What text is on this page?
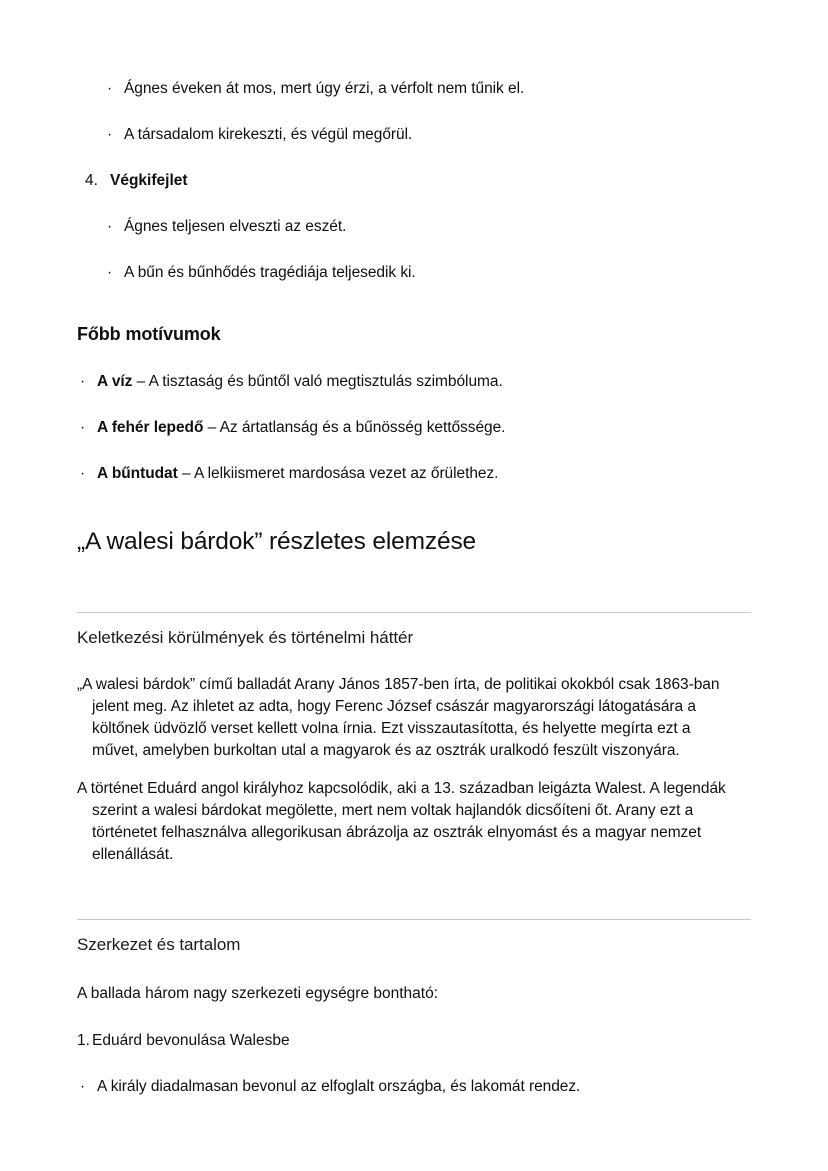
· Ágnes éveken át mos, mert úgy érzi, a vérfolt nem tűnik el.
· A társadalom kirekeszti, és végül megőrül.
4. Végkifejlet
· Ágnes teljesen elveszti az eszét.
· A bűn és bűnhődés tragédiája teljesedik ki.
Főbb motívumok
· A víz – A tisztaság és bűntől való megtisztulás szimbóluma.
· A fehér lepedő – Az ártatlanság és a bűnösség kettőssége.
· A bűntudat – A lelkiismeret mardosása vezet az őrülethez.
„A walesi bárdok” részletes elemzése
Keletkezési körülmények és történelmi háttér

„A walesi bárdok” című balladát Arany János 1857-ben írta, de politikai okokból csak 1863-ban jelent meg. Az ihletet az adta, hogy Ferenc József császár magyarországi látogatására a költőnek üdvözlő verset kellett volna írnia. Ezt visszautasította, és helyette megírta ezt a művet, amelyben burkoltan utal a magyarok és az osztrák uralkodó feszült viszonyára.

A történet Eduárd angol királyhoz kapcsolódik, aki a 13. században leigázta Walest. A legendák szerint a walesi bárdokat megölette, mert nem voltak hajlandók dicsőíteni őt. Arany ezt a történetet felhasználva allegorikusan ábrázolja az osztrák elnyomást és a magyar nemzet ellenállását.

Szerkezet és tartalom

A ballada három nagy szerkezeti egységre bontható:

1. Eduárd bevonulása Walesbe
· A király diadalmasan bevonul az elfoglalt országba, és lakomát rendez.
